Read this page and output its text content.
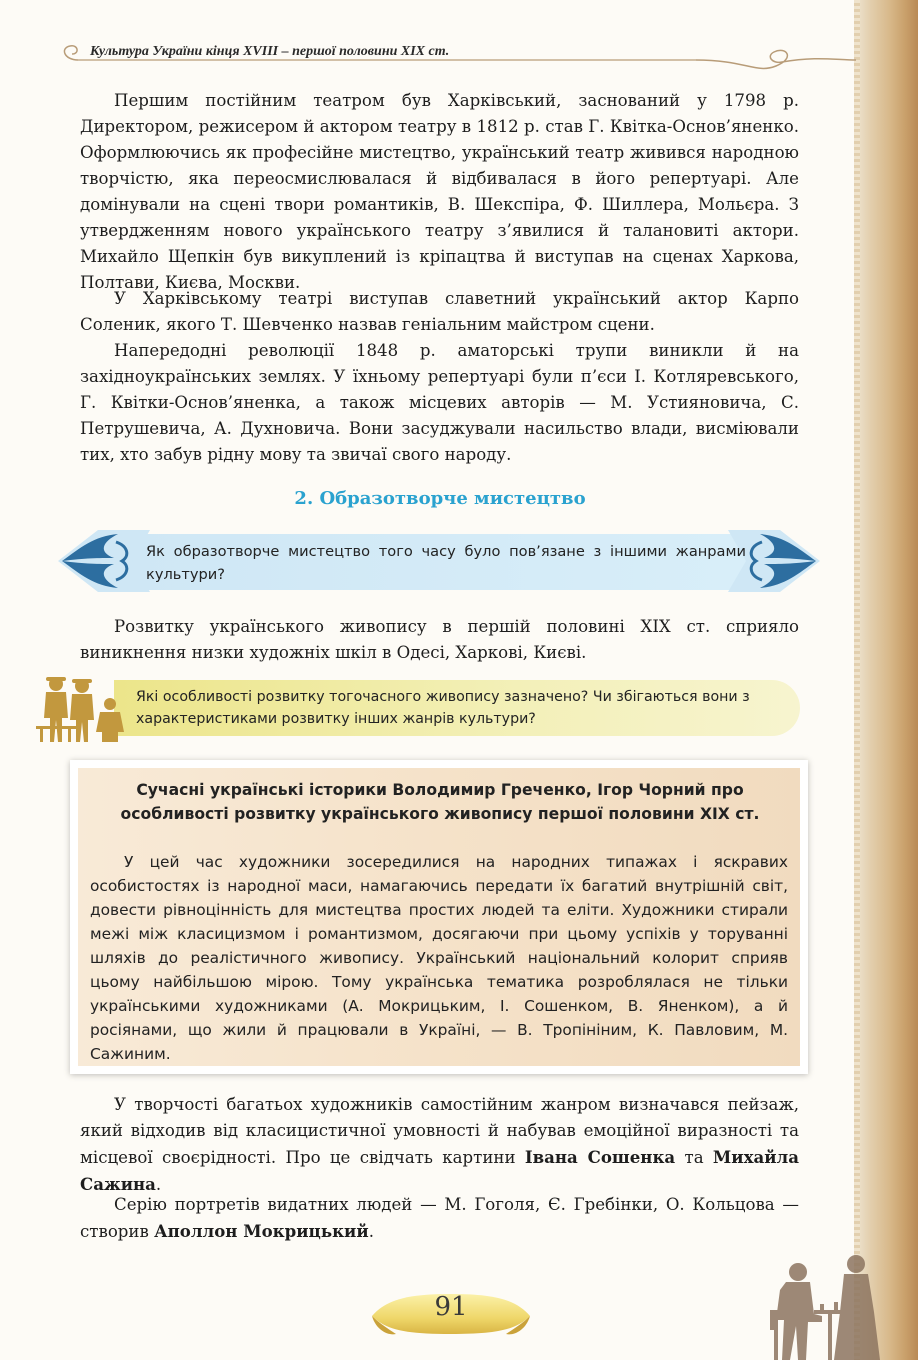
Культура України кінця XVIII – першої половини XIX ст.

Першим постійним театром був Харківський, заснований у 1798 р. Директором, режисером й актором театру в 1812 р. став Г. Квітка-Основ’яненко. Оформлюючись як професійне мистецтво, український театр живився народною творчістю, яка переосмислювалася й відбивалася в його репертуарі. Але домінували на сцені твори романтиків, В. Шекспіра, Ф. Шиллера, Мольєра. З утвердженням нового українського театру з’явилися й талановиті актори. Михайло Щепкін був викуплений із кріпацтва й виступав на сценах Харкова, Полтави, Києва, Москви.

У Харківському театрі виступав славетний український актор Карпо Соленик, якого Т. Шевченко назвав геніальним майстром сцени.

Напередодні революції 1848 р. аматорські трупи виникли й на західноукраїнських землях. У їхньому репертуарі були п’єси І. Котляревського, Г. Квітки-Основ’яненка, а також місцевих авторів — М. Устияновича, С. Петрушевича, А. Духновича. Вони засуджували насильство влади, висміювали тих, хто забув рідну мову та звичаї свого народу.

2. Образотворче мистецтво
Як образотворче мистецтво того часу було пов’язане з іншими жанрами культури?

Розвитку українського живопису в першій половині XIX ст. сприяло виникнення низки художніх шкіл в Одесі, Харкові, Києві.

Які особливості розвитку тогочасного живопису зазначено? Чи збігаються вони з характеристиками розвитку інших жанрів культури?
Сучасні українські історики Володимир Греченко, Ігор Чорний про особливості розвитку українського живопису першої половини XIX ст.
У цей час художники зосередилися на народних типажах і яскравих особистостях із народної маси, намагаючись передати їх багатий внутрішній світ, довести рівноцінність для мистецтва простих людей та еліти. Художники стирали межі між класицизмом і романтизмом, досягаючи при цьому успіхів у торуванні шляхів до реалістичного живопису. Український національний колорит сприяв цьому найбільшою мірою. Тому українська тематика розроблялася не тільки українськими художниками (А. Мокрицьким, І. Сошенком, В. Яненком), а й росіянами, що жили й працювали в Україні, — В. Тропініним, К. Павловим, М. Сажиним.

У творчості багатьох художників самостійним жанром визначався пейзаж, який відходив від класицистичної умовності й набував емоційної виразності та місцевої своєрідності. Про це свідчать картини Івана Сошенка та Михайла Сажина.

Серію портретів видатних людей — М. Гоголя, Є. Гребінки, О. Кольцова — створив Аполлон Мокрицький.

91
